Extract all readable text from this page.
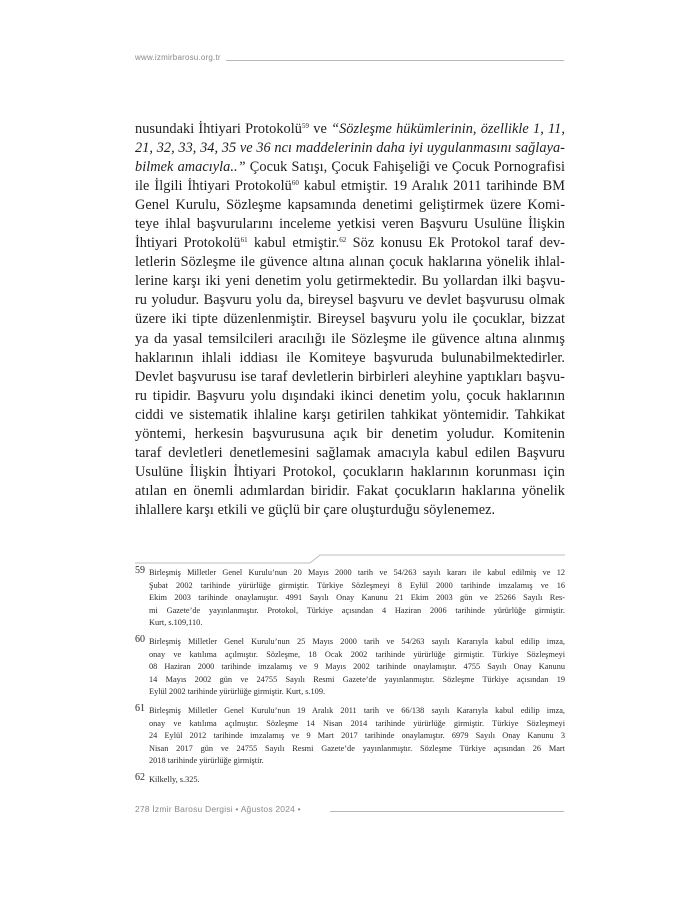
www.izmirbarosu.org.tr
nusundaki İhtiyari Protokolü$^{59}$ ve “Sözleşme hükümlerinin, özellikle 1, 11,
21, 32, 33, 34, 35 ve 36 ncı maddelerinin daha iyi uygulanmasını sağlaya-
bilmek amacıyla..” Çocuk Satışı, Çocuk Fahişeliği ve Çocuk Pornografisi
ile İlgili İhtiyari Protokolü$^{60}$ kabul etmiştir. 19 Aralık 2011 tarihinde BM
Genel Kurulu, Sözleşme kapsamında denetimi geliştirmek üzere Komi-
teye ihlal başvurularını inceleme yetkisi veren Başvuru Usulüne İlişkin
İhtiyari Protokolü$^{61}$ kabul etmiştir.$^{62}$ Söz konusu Ek Protokol taraf dev-
letlerin Sözleşme ile güvence altına alınan çocuk haklarına yönelik ihlal-
lerine karşı iki yeni denetim yolu getirmektedir. Bu yollardan ilki başvu-
ru yoludur. Başvuru yolu da, bireysel başvuru ve devlet başvurusu olmak
üzere iki tipte düzenlenmiştir. Bireysel başvuru yolu ile çocuklar, bizzat
ya da yasal temsilcileri aracılığı ile Sözleşme ile güvence altına alınmış
haklarının ihlali iddiası ile Komiteye başvuruda bulunabilmektedirler.
Devlet başvurusu ise taraf devletlerin birbirleri aleyhine yaptıkları başvu-
ru tipidir. Başvuru yolu dışındaki ikinci denetim yolu, çocuk haklarının
ciddi ve sistematik ihlaline karşı getirilen tahkikat yöntemidir. Tahkikat
yöntemi, herkesin başvurusuna açık bir denetim yoludur. Komitenin
taraf devletleri denetlemesini sağlamak amacıyla kabul edilen Başvuru
Usulüne İlişkin İhtiyari Protokol, çocukların haklarının korunması için
atılan en önemli adımlardan biridir. Fakat çocukların haklarına yönelik
ihlallere karşı etkili ve güçlü bir çare oluşturduğu söylenemez.
59 Birleşmiş Milletler Genel Kurulu’nun 20 Mayıs 2000 tarih ve 54/263 sayılı kararı ile kabul edilmiş ve 12
Şubat 2002 tarihinde yürürlüğe girmiştir. Türkiye Sözleşmeyi 8 Eylül 2000 tarihinde imzalamış ve 16
Ekim 2003 tarihinde onaylamıştır. 4991 Sayılı Onay Kanunu 21 Ekim 2003 gün ve 25266 Sayılı Res-
mi Gazete’de yayınlanmıştır. Protokol, Türkiye açısından 4 Haziran 2006 tarihinde yürürlüğe girmiştir.
Kurt, s.109,110.
60 Birleşmiş Milletler Genel Kurulu’nun 25 Mayıs 2000 tarih ve 54/263 sayılı Kararıyla kabul edilip imza,
onay ve katılıma açılmıştır. Sözleşme, 18 Ocak 2002 tarihinde yürürlüğe girmiştir. Türkiye Sözleşmeyi
08 Haziran 2000 tarihinde imzalamış ve 9 Mayıs 2002 tarihinde onaylamıştır. 4755 Sayılı Onay Kanunu
14 Mayıs 2002 gün ve 24755 Sayılı Resmi Gazete’de yayınlanmıştır. Sözleşme Türkiye açısından 19
Eylül 2002 tarihinde yürürlüğe girmiştir. Kurt, s.109.
61 Birleşmiş Milletler Genel Kurulu’nun 19 Aralık 2011 tarih ve 66/138 sayılı Kararıyla kabul edilip imza,
onay ve katılıma açılmıştır. Sözleşme 14 Nisan 2014 tarihinde yürürlüğe girmiştir. Türkiye Sözleşmeyi
24 Eylül 2012 tarihinde imzalamış ve 9 Mart 2017 tarihinde onaylamıştır. 6979 Sayılı Onay Kanunu 3
Nisan 2017 gün ve 24755 Sayılı Resmi Gazete’de yayınlanmıştır. Sözleşme Türkiye açısından 26 Mart
2018 tarihinde yürürlüğe girmiştir.
62 Kilkelly, s.325.
278 İzmir Barosu Dergisi • Ağustos 2024 •
